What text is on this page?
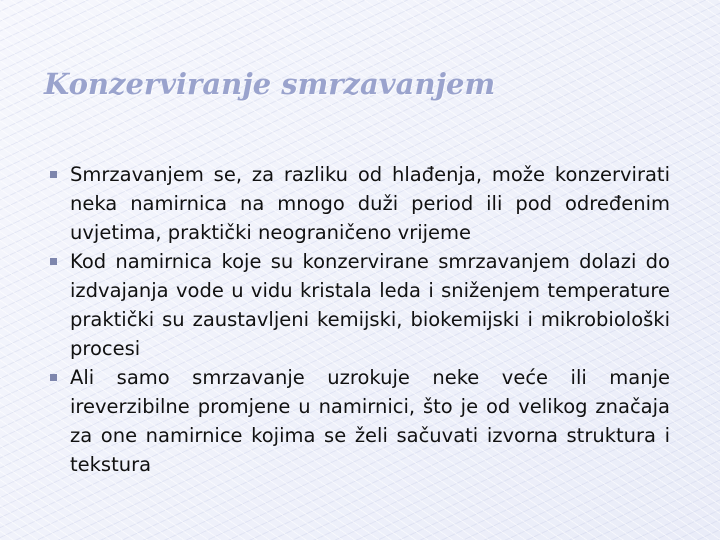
Konzerviranje smrzavanjem
Smrzavanjem se, za razliku od hlađenja, može konzervirati neka namirnica na mnogo duži period ili pod određenim uvjetima, praktički neograničeno vrijeme
Kod namirnica koje su konzervirane smrzavanjem dolazi do izdvajanja vode u vidu kristala leda i sniženjem temperature praktički su zaustavljeni kemijski, biokemijski i mikrobiološki procesi
Ali samo smrzavanje uzrokuje neke veće ili manje ireverzibilne promjene u namirnici, što je od velikog značaja za one namirnice kojima se želi sačuvati izvorna struktura i tekstura
